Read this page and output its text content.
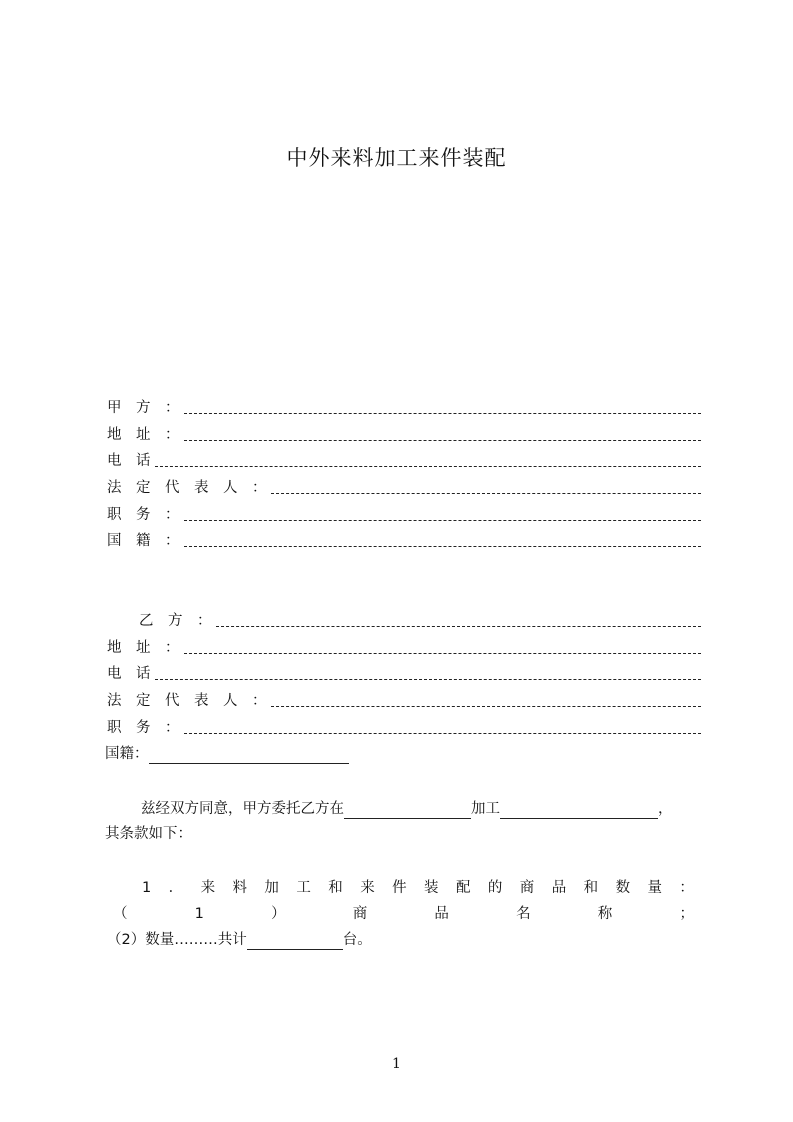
中外来料加工来件装配
甲　方　：
地　址　：
电　话
法　定　代　表　人　：
职　务　：
国　籍　：
乙　方　：
地　址　：
电　话
法　定　代　表　人　：
职　务　：
国籍：
兹经双方同意，甲方委托乙方在	加工	，
其条款如下：
1 ． 来 料 加 工 和 来 件 装 配 的 商 品 和 数 量 ：
（	1	）	商	品	名	称	；
（2）数量………共计	台。
1
